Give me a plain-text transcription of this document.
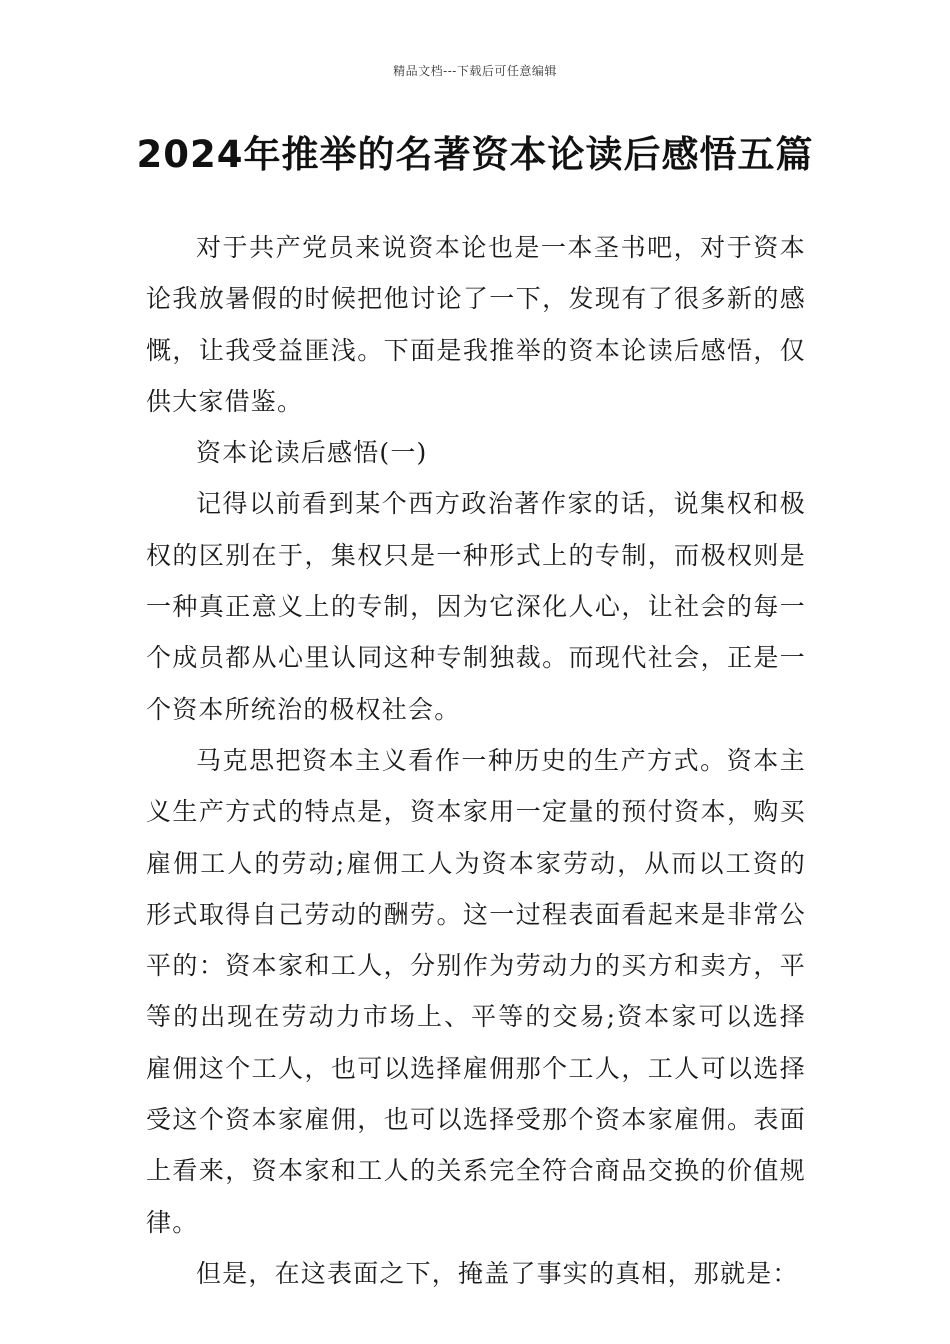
精品文档---下载后可任意编辑
2024年推举的名著资本论读后感悟五篇

对于共产党员来说资本论也是一本圣书吧，对于资本论我放暑假的时候把他讨论了一下，发现有了很多新的感慨，让我受益匪浅。下面是我推举的资本论读后感悟，仅供大家借鉴。

资本论读后感悟(一)

记得以前看到某个西方政治著作家的话，说集权和极权的区别在于，集权只是一种形式上的专制，而极权则是一种真正意义上的专制，因为它深化人心，让社会的每一个成员都从心里认同这种专制独裁。而现代社会，正是一个资本所统治的极权社会。

马克思把资本主义看作一种历史的生产方式。资本主义生产方式的特点是，资本家用一定量的预付资本，购买雇佣工人的劳动;雇佣工人为资本家劳动，从而以工资的形式取得自己劳动的酬劳。这一过程表面看起来是非常公平的：资本家和工人，分别作为劳动力的买方和卖方，平等的出现在劳动力市场上、平等的交易;资本家可以选择雇佣这个工人，也可以选择雇佣那个工人，工人可以选择受这个资本家雇佣，也可以选择受那个资本家雇佣。表面上看来，资本家和工人的关系完全符合商品交换的价值规律。

但是，在这表面之下，掩盖了事实的真相，那就是：
